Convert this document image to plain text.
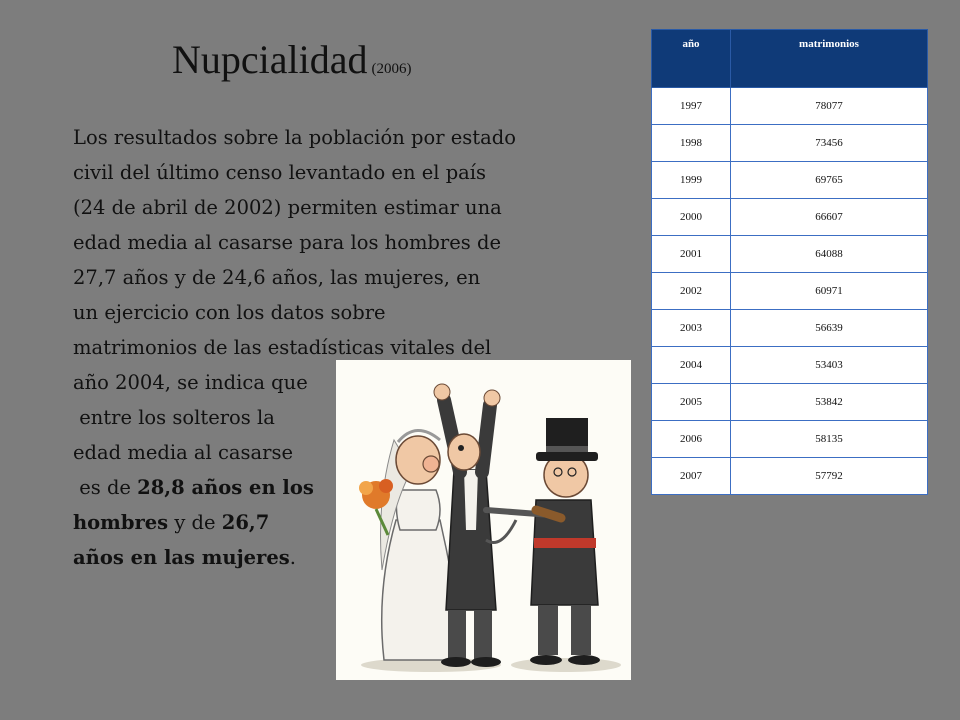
Nupcialidad (2006)
Los resultados sobre la población por estado
civil del último censo levantado en el país
(24 de abril de 2002) permiten estimar una
edad media al casarse para los hombres de
27,7 años y de 24,6 años, las mujeres, en
un ejercicio con los datos sobre
matrimonios de las estadísticas vitales del
año 2004, se indica que
entre los solteros la
edad media al casarse
es de 28,8 años en los
hombres y de 26,7
años en las mujeres.
año	matrimonios
1997	78077
1998	73456
1999	69765
2000	66607
2001	64088
2002	60971
2003	56639
2004	53403
2005	53842
2006	58135
2007	57792
